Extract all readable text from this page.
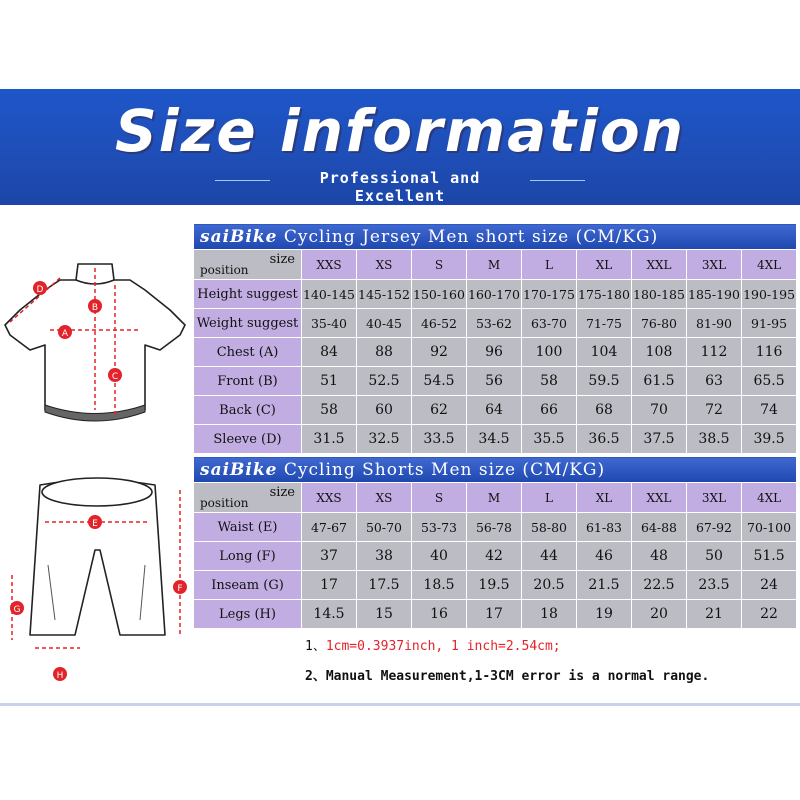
Size information
Professional and Excellent
A
B
C
D
E
F
G
H
saiBike Cycling Jersey Men short size (CM/KG)									

size
position	XXS	XS	S	M	L	XL	XXL	3XL	4XL
Height suggest	140-145	145-152	150-160	160-170	170-175	175-180	180-185	185-190	190-195
Weight suggest	35-40	40-45	46-52	53-62	63-70	71-75	76-80	81-90	91-95
Chest (A)	84	88	92	96	100	104	108	112	116
Front (B)	51	52.5	54.5	56	58	59.5	61.5	63	65.5
Back (C)	58	60	62	64	66	68	70	72	74
Sleeve (D)	31.5	32.5	33.5	34.5	35.5	36.5	37.5	38.5	39.5
saiBike Cycling Shorts Men size (CM/KG)									

size
position	XXS	XS	S	M	L	XL	XXL	3XL	4XL
Waist (E)	47-67	50-70	53-73	56-78	58-80	61-83	64-88	67-92	70-100
Long (F)	37	38	40	42	44	46	48	50	51.5
Inseam (G)	17	17.5	18.5	19.5	20.5	21.5	22.5	23.5	24
Legs (H)	14.5	15	16	17	18	19	20	21	22
1、1cm=0.3937inch, 1 inch=2.54cm;
2、Manual Measurement,1-3CM error is a normal range.
